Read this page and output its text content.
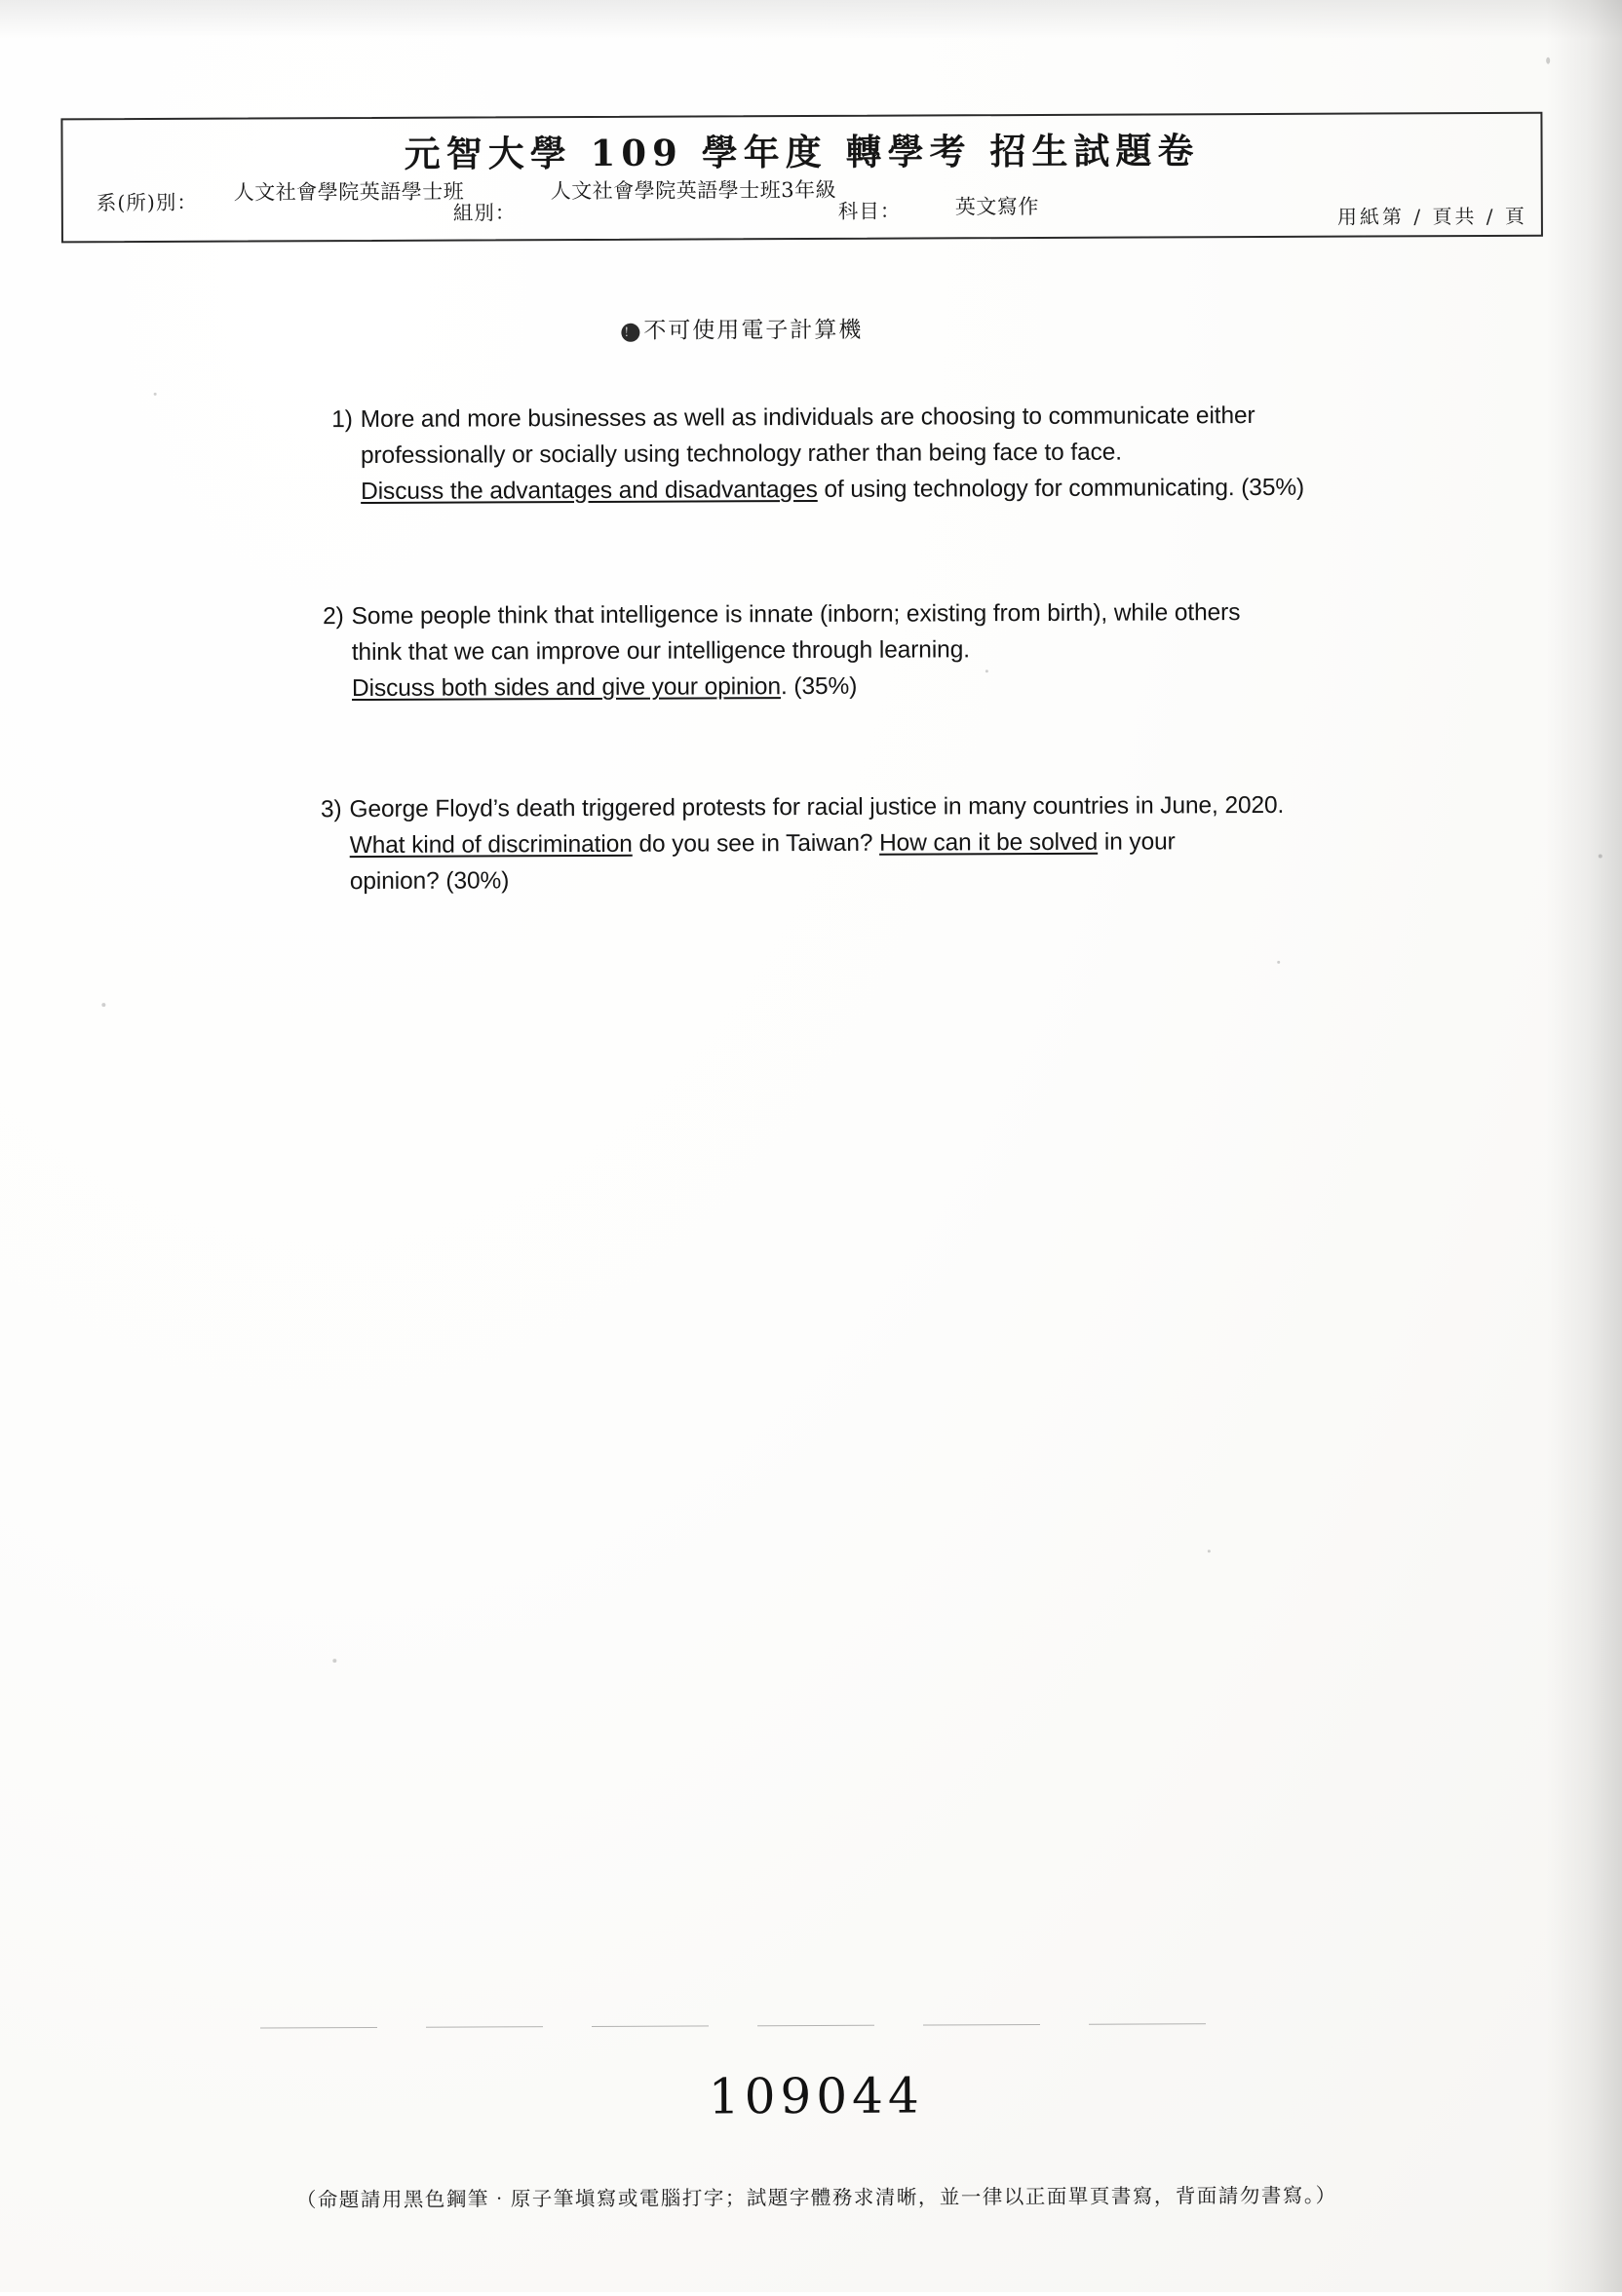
元智大學 109 學年度 轉學考 招生試題卷
系(所)別： 人文社會學院英語學士班
組別：
人文社會學院英語學士班3年級
科目：	英文寫作	用紙第 / 頁共 / 頁
！ 不可使用電子計算機
1) More and more businesses as well as individuals are choosing to communicate either
professionally or socially using technology rather than being face to face.
Discuss the advantages and disadvantages of using technology for communicating. (35%)
2) Some people think that intelligence is innate (inborn; existing from birth), while others
think that we can improve our intelligence through learning.
Discuss both sides and give your opinion. (35%)
3) George Floyd’s death triggered protests for racial justice in many countries in June, 2020.
What kind of discrimination do you see in Taiwan? How can it be solved in your
opinion? (30%)
109044
（命題請用黑色鋼筆‧原子筆塡寫或電腦打字；試題字體務求清晰，並一律以正面單頁書寫，背面請勿書寫。）
